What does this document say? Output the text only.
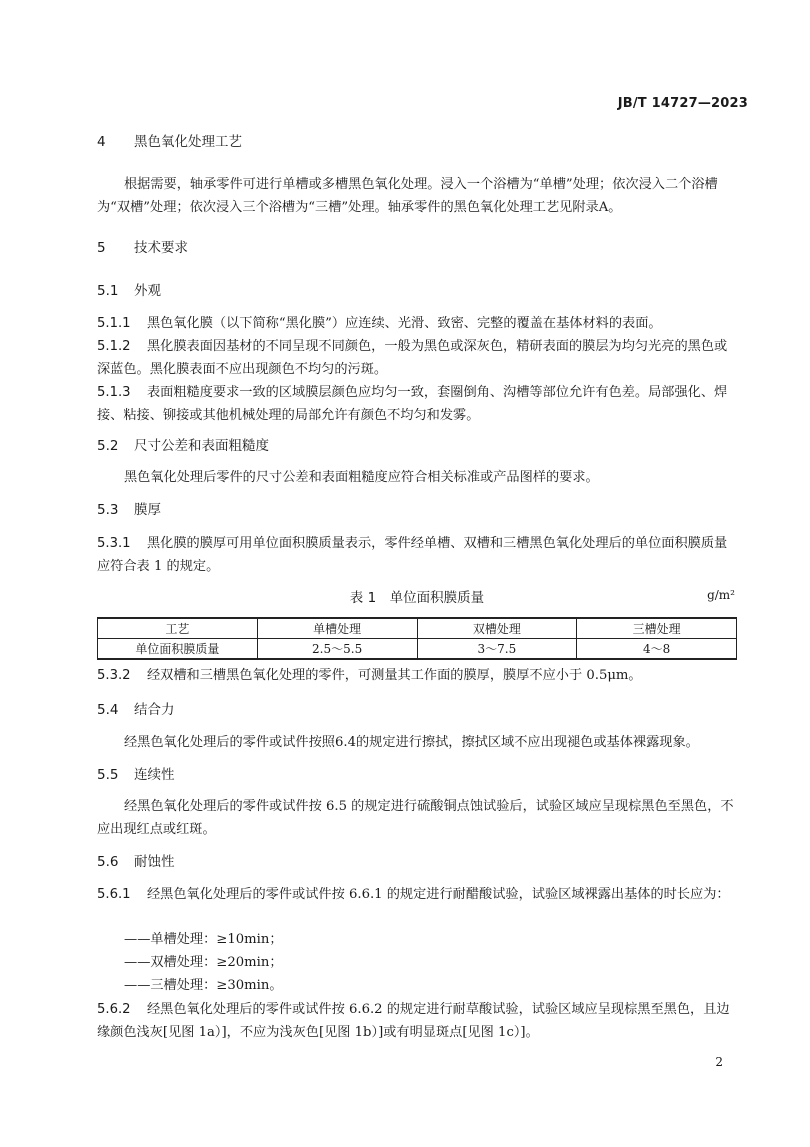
JB/T 14727—2023
4 黑色氧化处理工艺
根据需要，轴承零件可进行单槽或多槽黑色氧化处理。浸入一个浴槽为“单槽”处理；依次浸入二个浴槽为“双槽”处理；依次浸入三个浴槽为“三槽”处理。轴承零件的黑色氧化处理工艺见附录A。
5 技术要求
5.1 外观
5.1.1 黑色氧化膜（以下简称“黑化膜”）应连续、光滑、致密、完整的覆盖在基体材料的表面。
5.1.2 黑化膜表面因基材的不同呈现不同颜色，一般为黑色或深灰色，精研表面的膜层为均匀光亮的黑色或深蓝色。黑化膜表面不应出现颜色不均匀的污斑。
5.1.3 表面粗糙度要求一致的区域膜层颜色应均匀一致，套圈倒角、沟槽等部位允许有色差。局部强化、焊接、粘接、铆接或其他机械处理的局部允许有颜色不均匀和发雾。
5.2 尺寸公差和表面粗糙度
黑色氧化处理后零件的尺寸公差和表面粗糙度应符合相关标准或产品图样的要求。
5.3 膜厚
5.3.1 黑化膜的膜厚可用单位面积膜质量表示，零件经单槽、双槽和三槽黑色氧化处理后的单位面积膜质量应符合表 1 的规定。
表 1　单位面积膜质量	g/m²
工艺	单槽处理	双槽处理	三槽处理
单位面积膜质量	2.5～5.5	3～7.5	4～8
5.3.2 经双槽和三槽黑色氧化处理的零件，可测量其工作面的膜厚，膜厚不应小于 0.5μm。
5.4 结合力
经黑色氧化处理后的零件或试件按照6.4的规定进行擦拭，擦拭区域不应出现褪色或基体裸露现象。
5.5 连续性
经黑色氧化处理后的零件或试件按 6.5 的规定进行硫酸铜点蚀试验后，试验区域应呈现棕黑色至黑色，不应出现红点或红斑。
5.6 耐蚀性
5.6.1 经黑色氧化处理后的零件或试件按 6.6.1 的规定进行耐醋酸试验，试验区域裸露出基体的时长应为：
——单槽处理：≥10min；
——双槽处理：≥20min；
——三槽处理：≥30min。
5.6.2 经黑色氧化处理后的零件或试件按 6.6.2 的规定进行耐草酸试验，试验区域应呈现棕黑至黑色，且边缘颜色浅灰[见图 1a）]，不应为浅灰色[见图 1b）]或有明显斑点[见图 1c）]。
2
